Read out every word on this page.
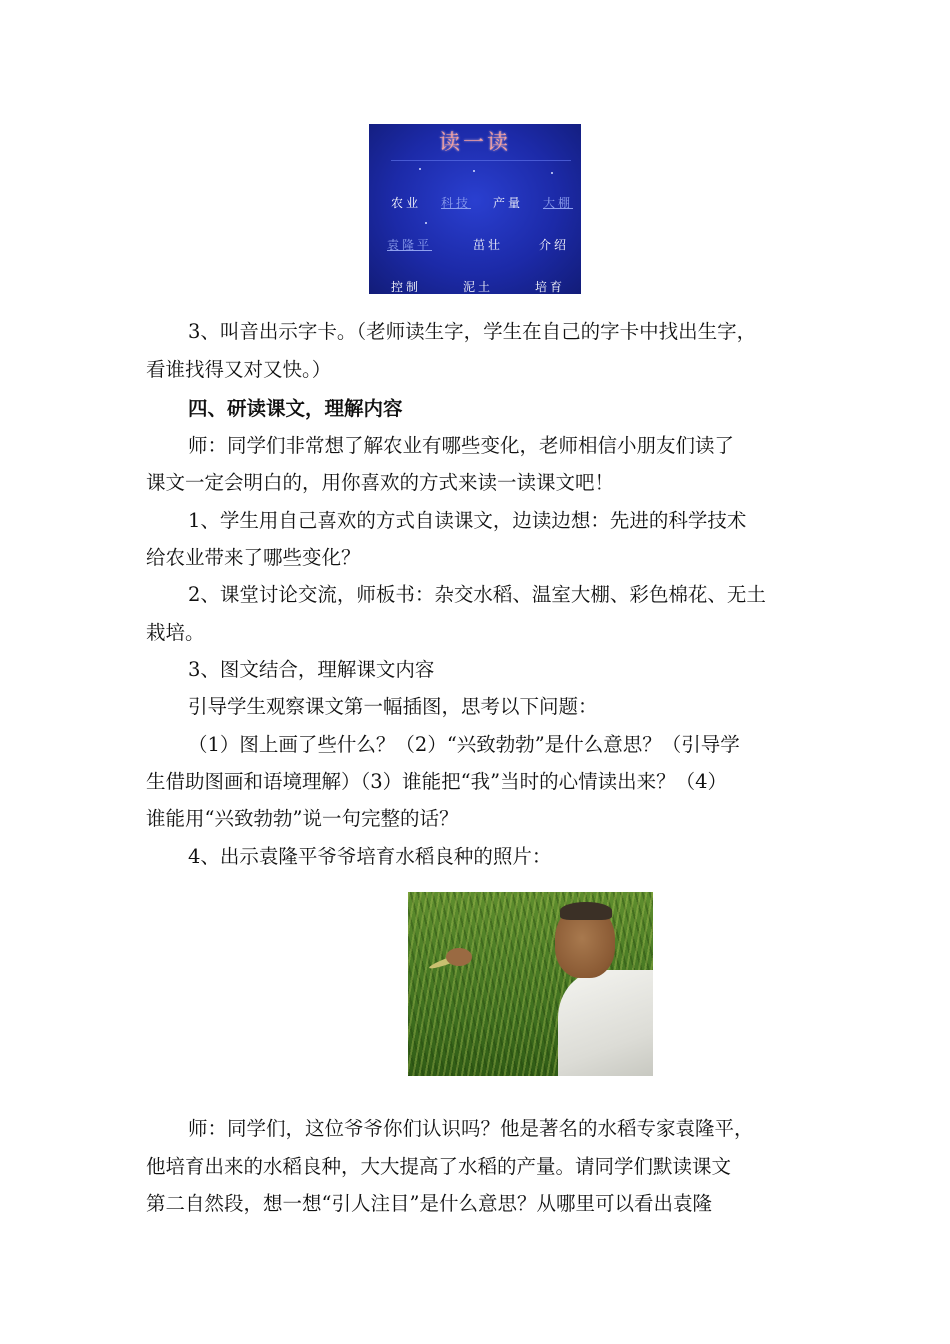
读一读
农业 科技 产量 大棚
袁隆平	茁壮	介绍
控制	泥土	培育
3、叫音出示字卡。（老师读生字，学生在自己的字卡中找出生字，
看谁找得又对又快。）
四、研读课文，理解内容
师：同学们非常想了解农业有哪些变化，老师相信小朋友们读了
课文一定会明白的，用你喜欢的方式来读一读课文吧！
1、学生用自己喜欢的方式自读课文，边读边想：先进的科学技术
给农业带来了哪些变化？
2、课堂讨论交流，师板书：杂交水稻、温室大棚、彩色棉花、无土
栽培。
3、图文结合，理解课文内容
引导学生观察课文第一幅插图，思考以下问题：
（1）图上画了些什么？（2）“兴致勃勃”是什么意思？（引导学
生借助图画和语境理解）（3）谁能把“我”当时的心情读出来？（4）
谁能用“兴致勃勃”说一句完整的话？
4、出示袁隆平爷爷培育水稻良种的照片：
师：同学们，这位爷爷你们认识吗？他是著名的水稻专家袁隆平，
他培育出来的水稻良种，大大提高了水稻的产量。请同学们默读课文
第二自然段，想一想“引人注目”是什么意思？从哪里可以看出袁隆
